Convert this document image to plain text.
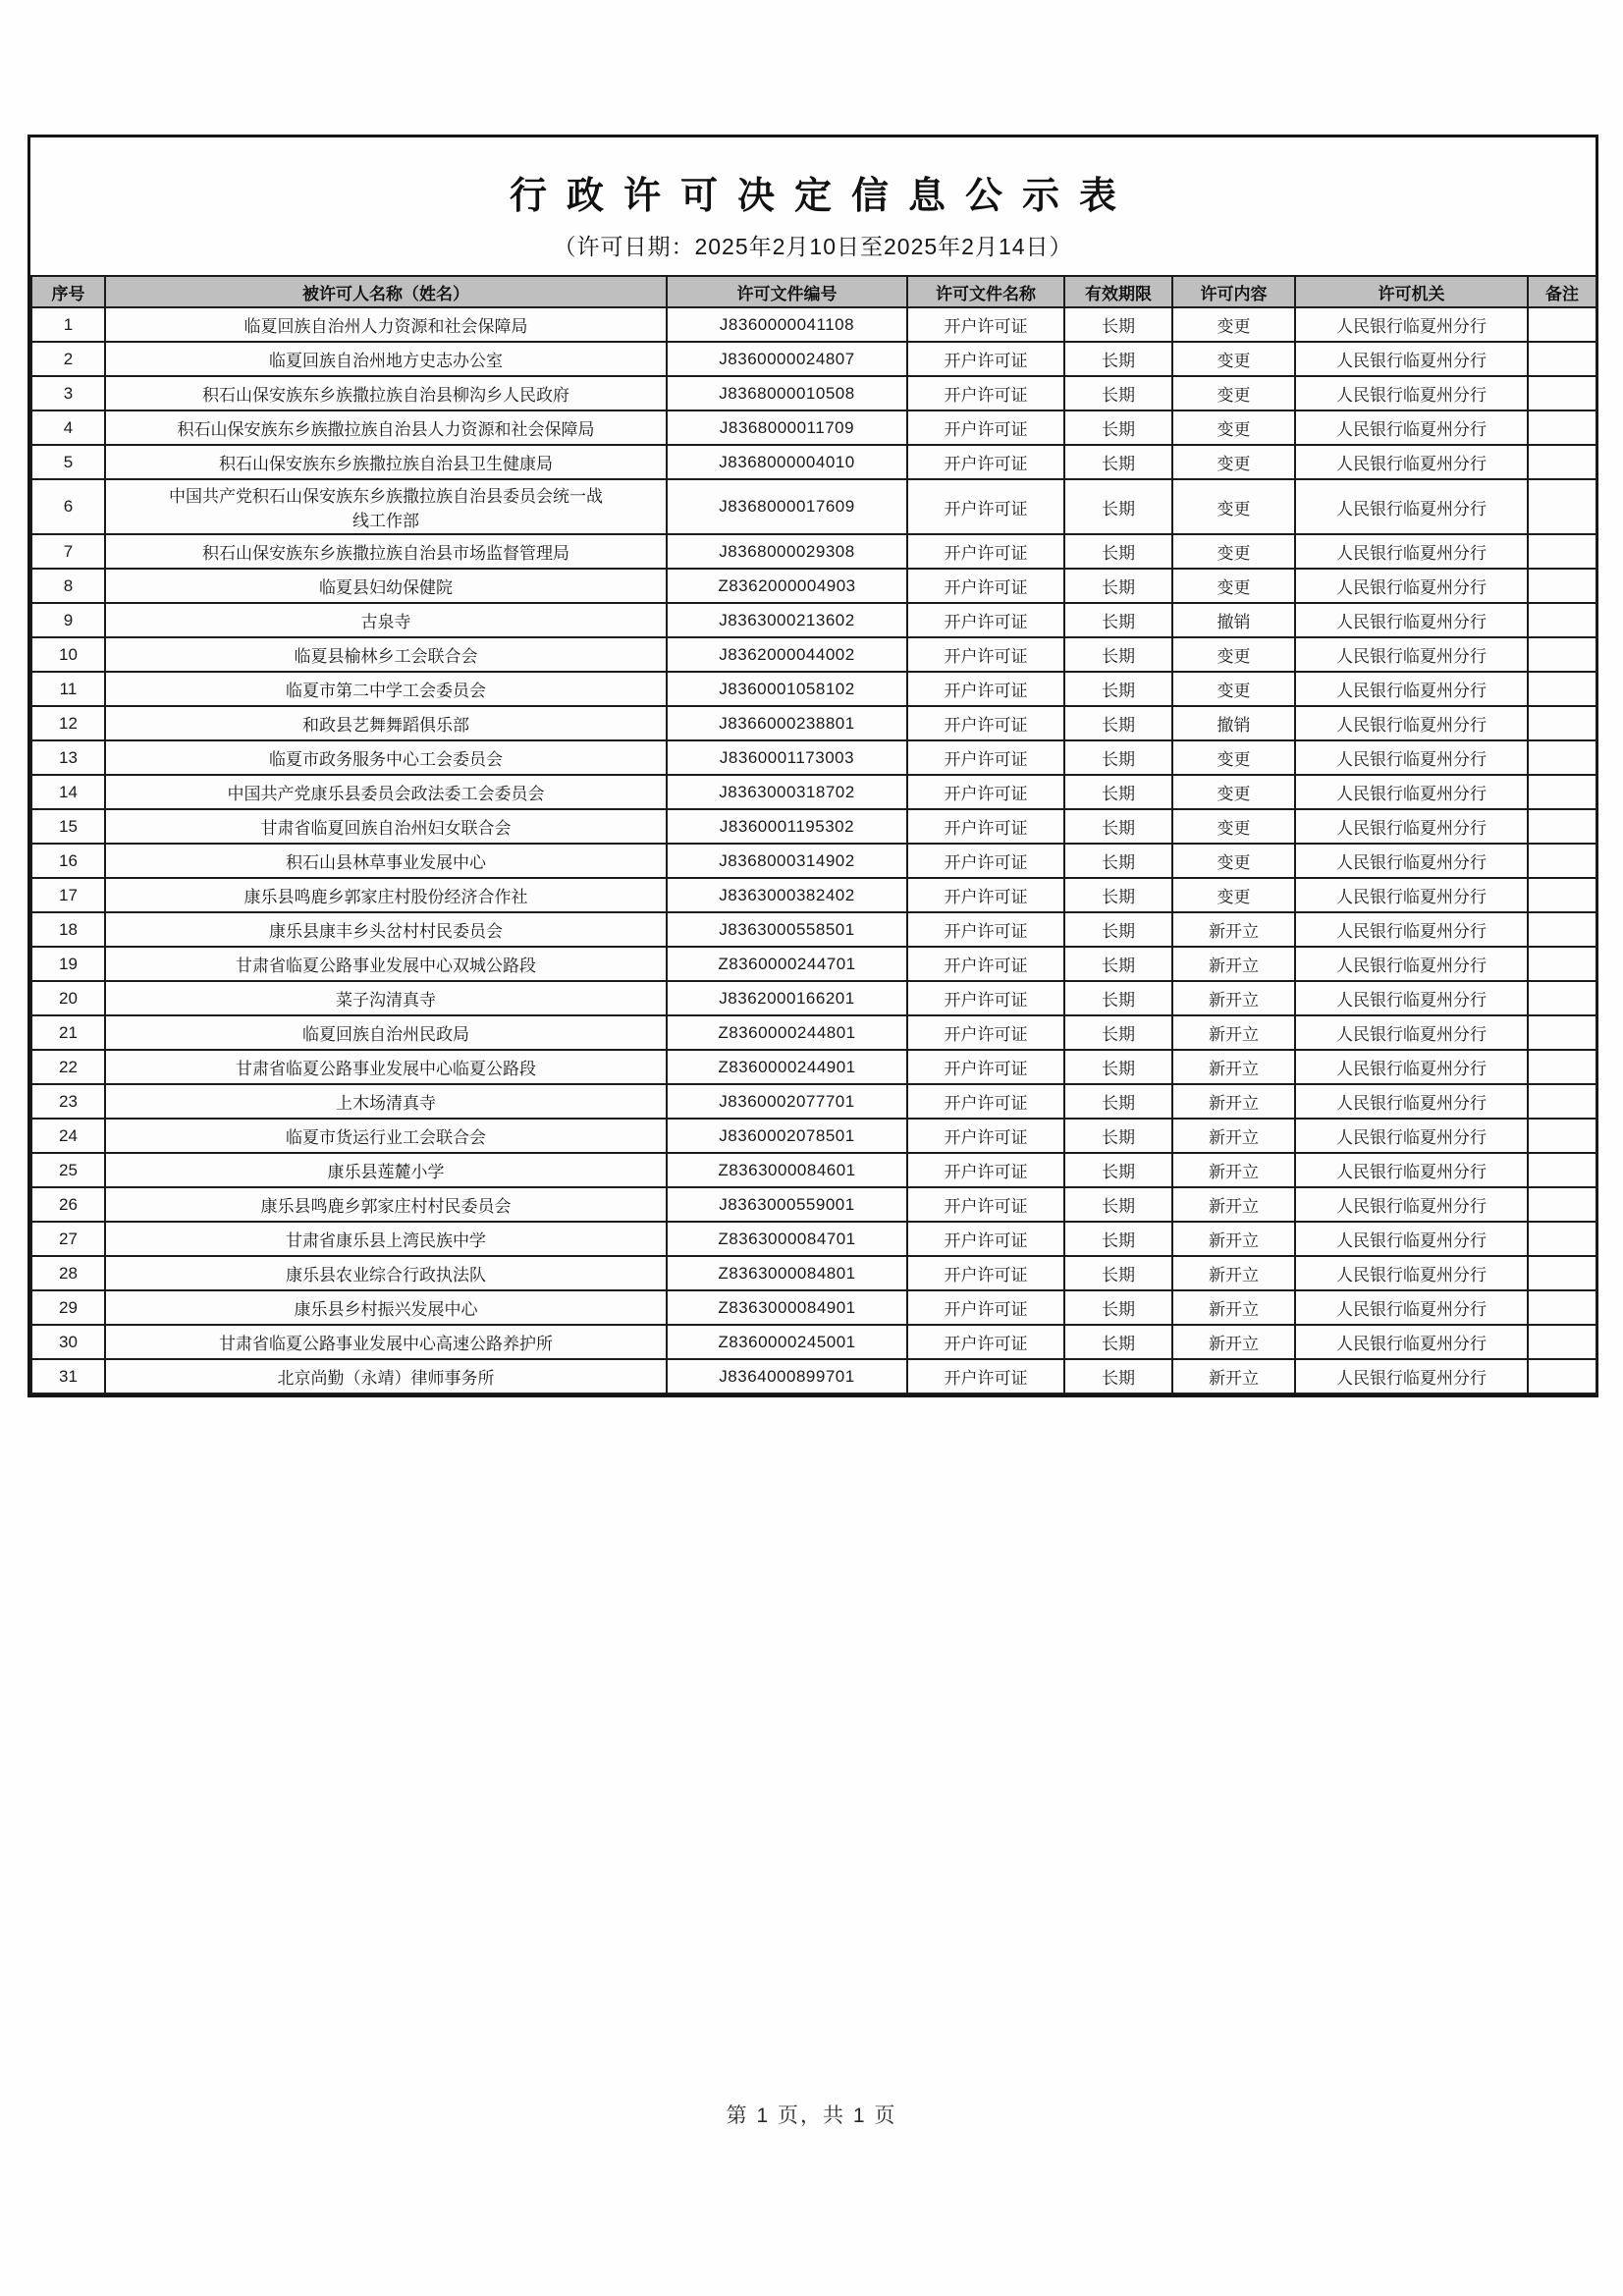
行政许可决定信息公示表
（许可日期：2025年2月10日至2025年2月14日）
序号	被许可人名称（姓名）	许可文件编号	许可文件名称	有效期限	许可内容	许可机关	备注
1	临夏回族自治州人力资源和社会保障局	J8360000041108	开户许可证	长期	变更	人民银行临夏州分行	
2	临夏回族自治州地方史志办公室	J8360000024807	开户许可证	长期	变更	人民银行临夏州分行	
3	积石山保安族东乡族撒拉族自治县柳沟乡人民政府	J8368000010508	开户许可证	长期	变更	人民银行临夏州分行	
4	积石山保安族东乡族撒拉族自治县人力资源和社会保障局	J8368000011709	开户许可证	长期	变更	人民银行临夏州分行	
5	积石山保安族东乡族撒拉族自治县卫生健康局	J8368000004010	开户许可证	长期	变更	人民银行临夏州分行	
6	中国共产党积石山保安族东乡族撒拉族自治县委员会统一战线工作部	J8368000017609	开户许可证	长期	变更	人民银行临夏州分行	
7	积石山保安族东乡族撒拉族自治县市场监督管理局	J8368000029308	开户许可证	长期	变更	人民银行临夏州分行	
8	临夏县妇幼保健院	Z8362000004903	开户许可证	长期	变更	人民银行临夏州分行	
9	古泉寺	J8363000213602	开户许可证	长期	撤销	人民银行临夏州分行	
10	临夏县榆林乡工会联合会	J8362000044002	开户许可证	长期	变更	人民银行临夏州分行	
11	临夏市第二中学工会委员会	J8360001058102	开户许可证	长期	变更	人民银行临夏州分行	
12	和政县艺舞舞蹈俱乐部	J8366000238801	开户许可证	长期	撤销	人民银行临夏州分行	
13	临夏市政务服务中心工会委员会	J8360001173003	开户许可证	长期	变更	人民银行临夏州分行	
14	中国共产党康乐县委员会政法委工会委员会	J8363000318702	开户许可证	长期	变更	人民银行临夏州分行	
15	甘肃省临夏回族自治州妇女联合会	J8360001195302	开户许可证	长期	变更	人民银行临夏州分行	
16	积石山县林草事业发展中心	J8368000314902	开户许可证	长期	变更	人民银行临夏州分行	
17	康乐县鸣鹿乡郭家庄村股份经济合作社	J8363000382402	开户许可证	长期	变更	人民银行临夏州分行	
18	康乐县康丰乡头岔村村民委员会	J8363000558501	开户许可证	长期	新开立	人民银行临夏州分行	
19	甘肃省临夏公路事业发展中心双城公路段	Z8360000244701	开户许可证	长期	新开立	人民银行临夏州分行	
20	菜子沟清真寺	J8362000166201	开户许可证	长期	新开立	人民银行临夏州分行	
21	临夏回族自治州民政局	Z8360000244801	开户许可证	长期	新开立	人民银行临夏州分行	
22	甘肃省临夏公路事业发展中心临夏公路段	Z8360000244901	开户许可证	长期	新开立	人民银行临夏州分行	
23	上木场清真寺	J8360002077701	开户许可证	长期	新开立	人民银行临夏州分行	
24	临夏市货运行业工会联合会	J8360002078501	开户许可证	长期	新开立	人民银行临夏州分行	
25	康乐县莲麓小学	Z8363000084601	开户许可证	长期	新开立	人民银行临夏州分行	
26	康乐县鸣鹿乡郭家庄村村民委员会	J8363000559001	开户许可证	长期	新开立	人民银行临夏州分行	
27	甘肃省康乐县上湾民族中学	Z8363000084701	开户许可证	长期	新开立	人民银行临夏州分行	
28	康乐县农业综合行政执法队	Z8363000084801	开户许可证	长期	新开立	人民银行临夏州分行	
29	康乐县乡村振兴发展中心	Z8363000084901	开户许可证	长期	新开立	人民银行临夏州分行	
30	甘肃省临夏公路事业发展中心高速公路养护所	Z8360000245001	开户许可证	长期	新开立	人民银行临夏州分行	
31	北京尚勤（永靖）律师事务所	J8364000899701	开户许可证	长期	新开立	人民银行临夏州分行	
第 1 页，共 1 页
